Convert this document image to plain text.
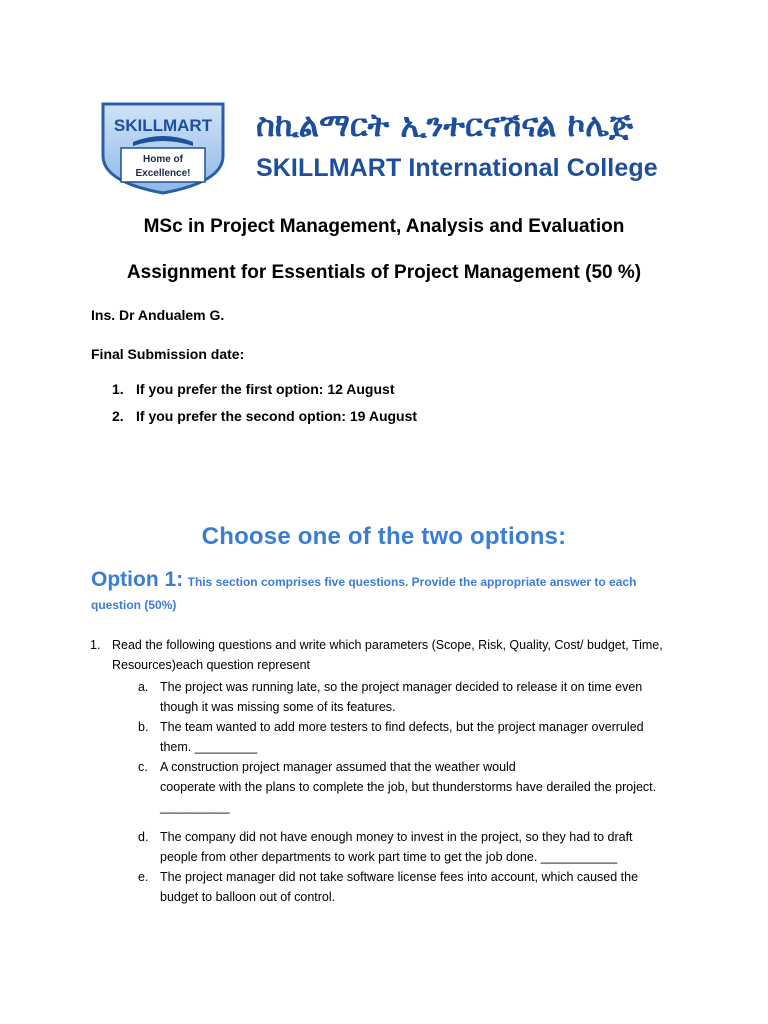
SKILLMART
Home of
Excellence!
ስኪልማርት ኢንተርናሽናል ኮሌጅ
SKILLMART International College
MSc in Project Management, Analysis and Evaluation
Assignment for Essentials of Project Management (50 %)
Ins. Dr Andualem G.
Final Submission date:
1. If you prefer the first option: 12 August
2. If you prefer the second option: 19 August
Choose one of the two options:
Option 1: This section comprises five questions. Provide the appropriate answer to each
question (50%)
1. Read the following questions and write which parameters (Scope, Risk, Quality, Cost/ budget, Time, Resources)each question represent
a. The project was running late, so the project manager decided to release it on time even
though it was missing some of its features.
b. The team wanted to add more testers to find defects, but the project manager overruled
them. _________
c. A construction project manager assumed that the weather would
cooperate with the plans to complete the job, but thunderstorms have derailed the project.
__________
d. The company did not have enough money to invest in the project, so they had to draft
people from other departments to work part time to get the job done. ___________
e. The project manager did not take software license fees into account, which caused the
budget to balloon out of control.
